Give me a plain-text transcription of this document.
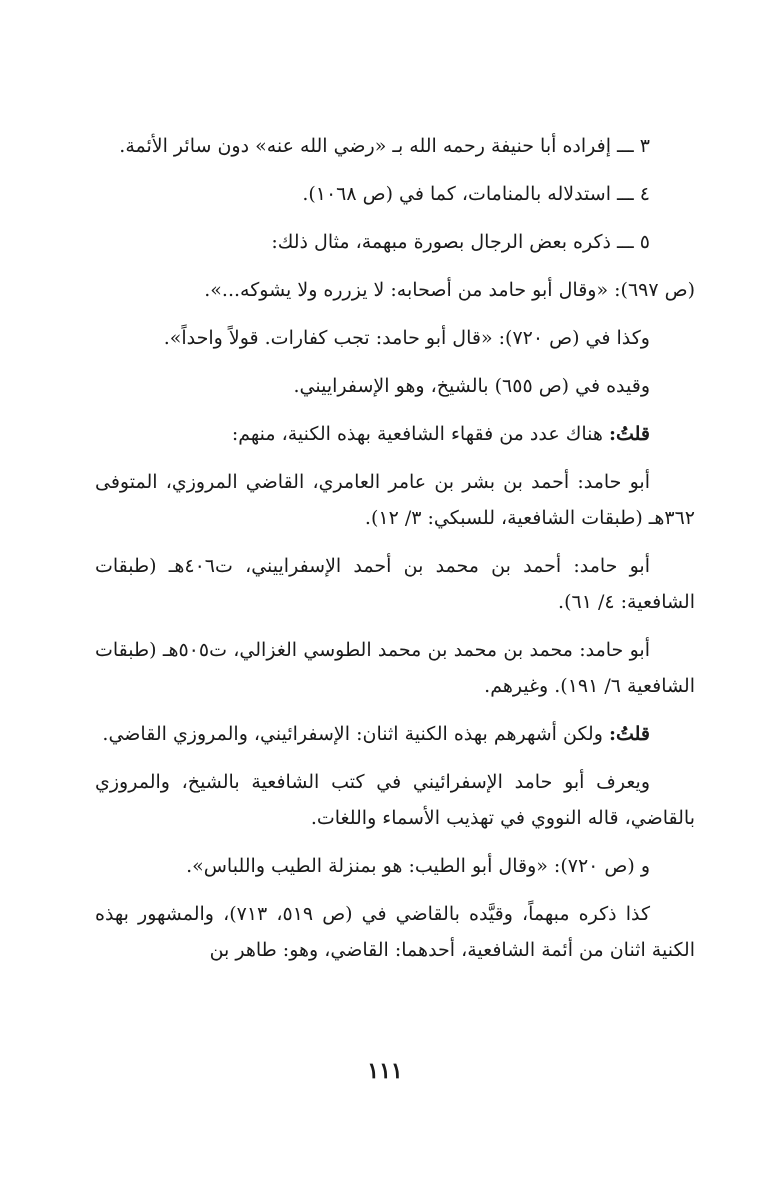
٣ ـــ إفراده أبا حنيفة رحمه الله بـ «رضي الله عنه» دون سائر الأئمة.

٤ ـــ استدلاله بالمنامات، كما في (ص ١٠٦٨).

٥ ـــ ذكره بعض الرجال بصورة مبهمة، مثال ذلك:

(ص ٦٩٧): «وقال أبو حامد من أصحابه: لا يزرره ولا يشوكه...».

وكذا في (ص ٧٢٠): «قال أبو حامد: تجب كفارات. قولاً واحداً».

وقيده في (ص ٦٥٥) بالشيخ، وهو الإسفراييني.

قلتُ: هناك عدد من فقهاء الشافعية بهذه الكنية، منهم:

أبو حامد: أحمد بن بشر بن عامر العامري، القاضي المروزي، المتوفى ٣٦٢هـ (طبقات الشافعية، للسبكي: ٣/ ١٢).

أبو حامد: أحمد بن محمد بن أحمد الإسفراييني، ت٤٠٦هـ (طبقات الشافعية: ٤/ ٦١).

أبو حامد: محمد بن محمد بن محمد الطوسي الغزالي، ت٥٠٥هـ (طبقات الشافعية ٦/ ١٩١). وغيرهم.

قلتُ: ولكن أشهرهم بهذه الكنية اثنان: الإسفرائيني، والمروزي القاضي.

ويعرف أبو حامد الإسفرائيني في كتب الشافعية بالشيخ، والمروزي بالقاضي، قاله النووي في تهذيب الأسماء واللغات.

و (ص ٧٢٠): «وقال أبو الطيب: هو بمنزلة الطيب واللباس».

كذا ذكره مبهماً، وقيَّده بالقاضي في (ص ٥١٩، ٧١٣)، والمشهور بهذه الكنية اثنان من أئمة الشافعية، أحدهما: القاضي، وهو: طاهر بن

١١١
